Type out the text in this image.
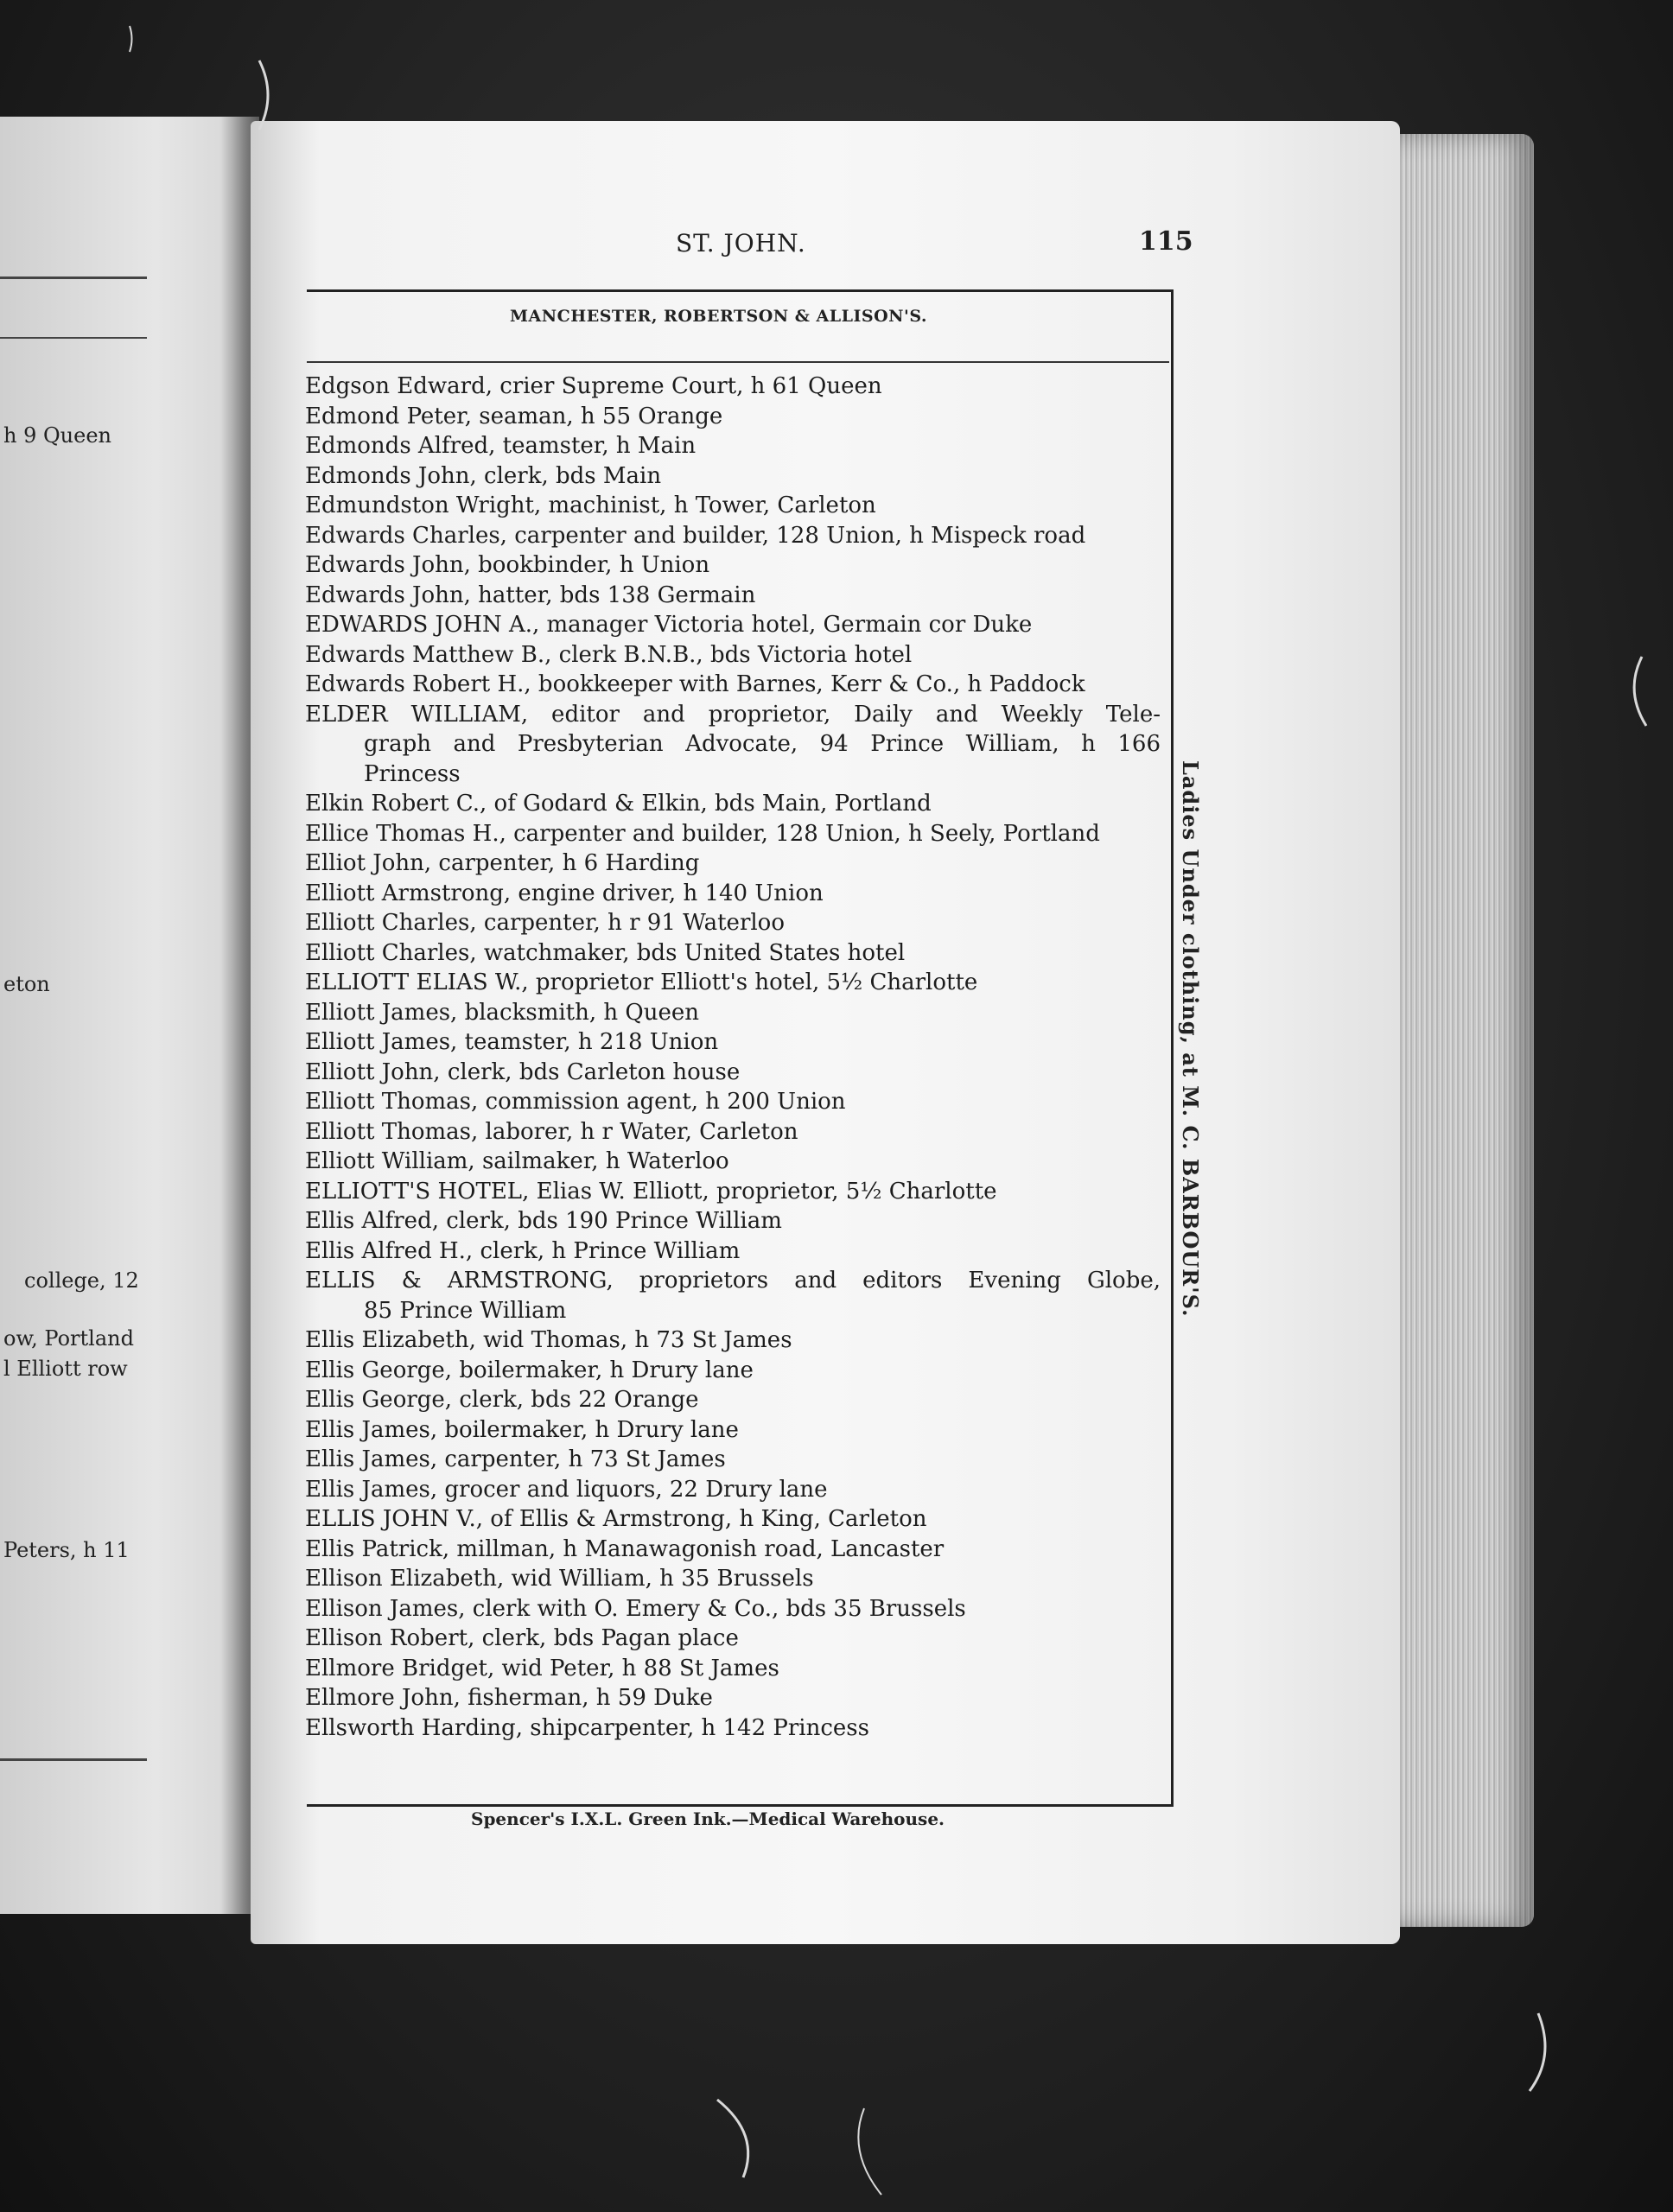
h 9 Queen
eton
college, 12
ow, Portland
l Elliott row
Peters, h 11
ST. JOHN.	115
MANCHESTER, ROBERTSON & ALLISON'S.
Edgson Edward, crier Supreme Court, h 61 Queen
Edmond Peter, seaman, h 55 Orange
Edmonds Alfred, teamster, h Main
Edmonds John, clerk, bds Main
Edmundston Wright, machinist, h Tower, Carleton
Edwards Charles, carpenter and builder, 128 Union, h Mispeck road
Edwards John, bookbinder, h Union
Edwards John, hatter, bds 138 Germain
EDWARDS JOHN A., manager Victoria hotel, Germain cor Duke
Edwards Matthew B., clerk B.N.B., bds Victoria hotel
Edwards Robert H., bookkeeper with Barnes, Kerr & Co., h Paddock
ELDER WILLIAM, editor and proprietor, Daily and Weekly Tele-
graph and Presbyterian Advocate, 94 Prince William, h 166
Princess
Elkin Robert C., of Godard & Elkin, bds Main, Portland
Ellice Thomas H., carpenter and builder, 128 Union, h Seely, Portland
Elliot John, carpenter, h 6 Harding
Elliott Armstrong, engine driver, h 140 Union
Elliott Charles, carpenter, h r 91 Waterloo
Elliott Charles, watchmaker, bds United States hotel
ELLIOTT ELIAS W., proprietor Elliott's hotel, 5½ Charlotte
Elliott James, blacksmith, h Queen
Elliott James, teamster, h 218 Union
Elliott John, clerk, bds Carleton house
Elliott Thomas, commission agent, h 200 Union
Elliott Thomas, laborer, h r Water, Carleton
Elliott William, sailmaker, h Waterloo
ELLIOTT'S HOTEL, Elias W. Elliott, proprietor, 5½ Charlotte
Ellis Alfred, clerk, bds 190 Prince William
Ellis Alfred H., clerk, h Prince William
ELLIS & ARMSTRONG, proprietors and editors Evening Globe,
85 Prince William
Ellis Elizabeth, wid Thomas, h 73 St James
Ellis George, boilermaker, h Drury lane
Ellis George, clerk, bds 22 Orange
Ellis James, boilermaker, h Drury lane
Ellis James, carpenter, h 73 St James
Ellis James, grocer and liquors, 22 Drury lane
ELLIS JOHN V., of Ellis & Armstrong, h King, Carleton
Ellis Patrick, millman, h Manawagonish road, Lancaster
Ellison Elizabeth, wid William, h 35 Brussels
Ellison James, clerk with O. Emery & Co., bds 35 Brussels
Ellison Robert, clerk, bds Pagan place
Ellmore Bridget, wid Peter, h 88 St James
Ellmore John, fisherman, h 59 Duke
Ellsworth Harding, shipcarpenter, h 142 Princess
Spencer's I.X.L. Green Ink.—Medical Warehouse.
Ladies Under clothing, at M. C. BARBOUR'S.
